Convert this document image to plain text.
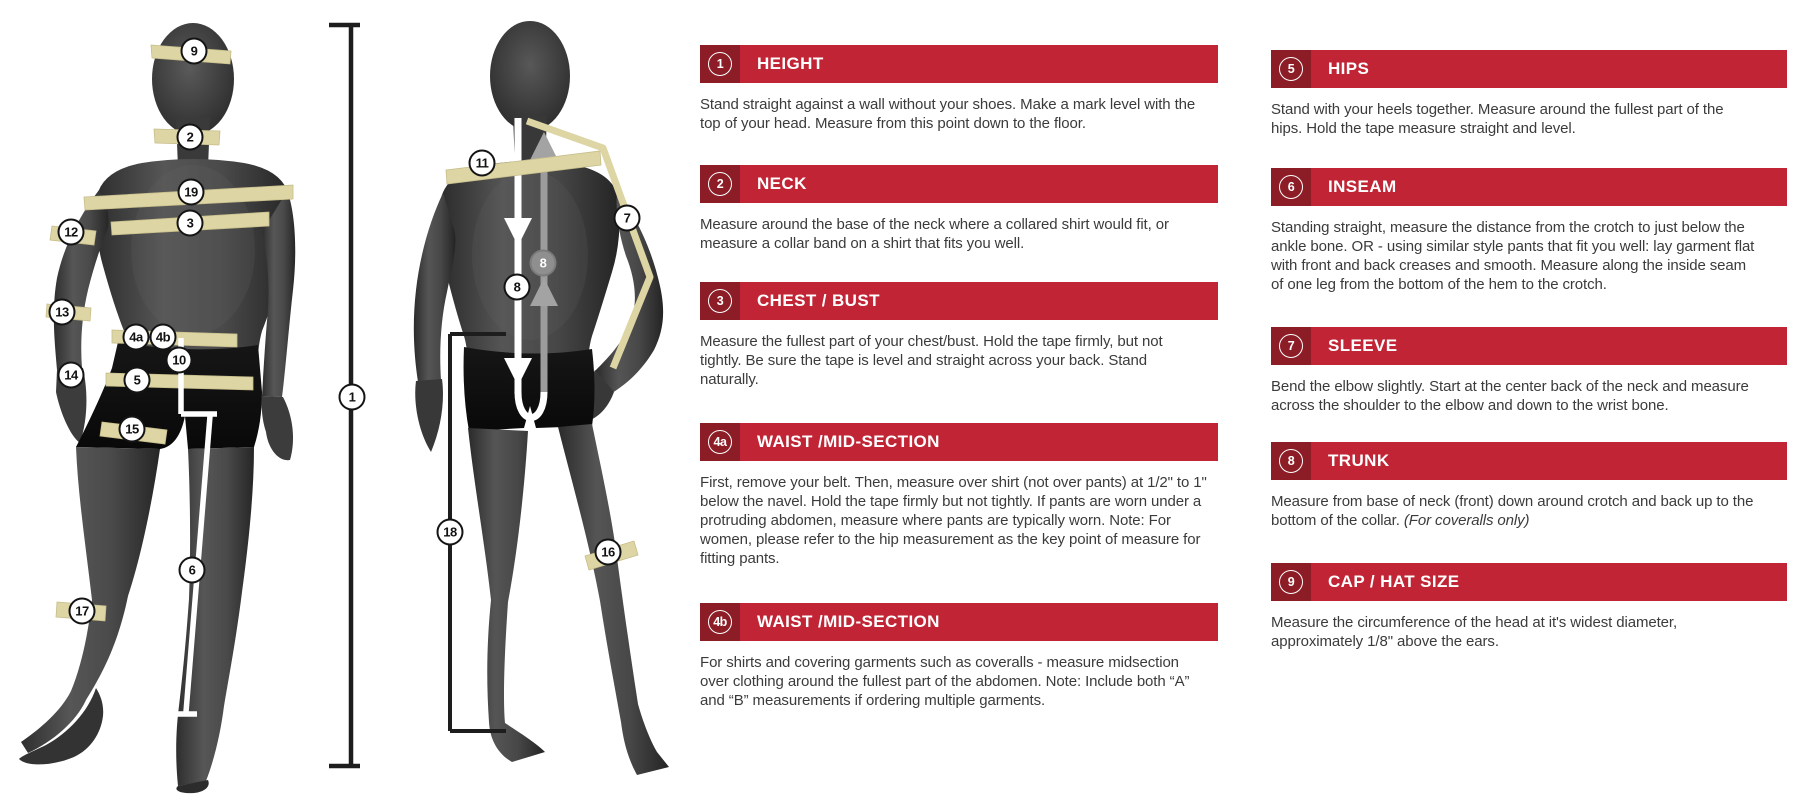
9
2
19
3
12
13
4a	4b
10
14	5
15
6
17
1
11
7
8
8
18
16
1	HEIGHT

Stand straight against a wall without your shoes. Make a mark level with the top of your head. Measure from this point down to the floor.

2	NECK

Measure around the base of the neck where a collared shirt would fit, or measure a collar band on a shirt that fits you well.

3	CHEST / BUST

Measure the fullest part of your chest/bust. Hold the tape firmly, but not tightly. Be sure the tape is level and straight across your back. Stand naturally.

4a	WAIST /MID-SECTION

First, remove your belt. Then, measure over shirt (not over pants) at 1/2" to 1" below the navel. Hold the tape firmly but not tightly. If pants are worn under a protruding abdomen, measure where pants are typically worn. Note: For women, please refer to the hip measurement as the key point of measure for fitting pants.

4b	WAIST /MID-SECTION

For shirts and covering garments such as coveralls - measure midsection over clothing around the fullest part of the abdomen. Note: Include both “A” and “B” measurements if ordering multiple garments.

5	HIPS

Stand with your heels together. Measure around the fullest part of the hips. Hold the tape measure straight and level.

6	INSEAM

Standing straight, measure the distance from the crotch to just below the ankle bone. OR - using similar style pants that fit you well: lay garment flat with front and back creases and smooth. Measure along the inside seam of one leg from the bottom of the hem to the crotch.

7	SLEEVE

Bend the elbow slightly. Start at the center back of the neck and measure across the shoulder to the elbow and down to the wrist bone.

8	TRUNK

Measure from base of neck (front) down around crotch and back up to the bottom of the collar. (For coveralls only)

9	CAP / HAT SIZE

Measure the circumference of the head at it's widest diameter, approximately 1/8" above the ears.
